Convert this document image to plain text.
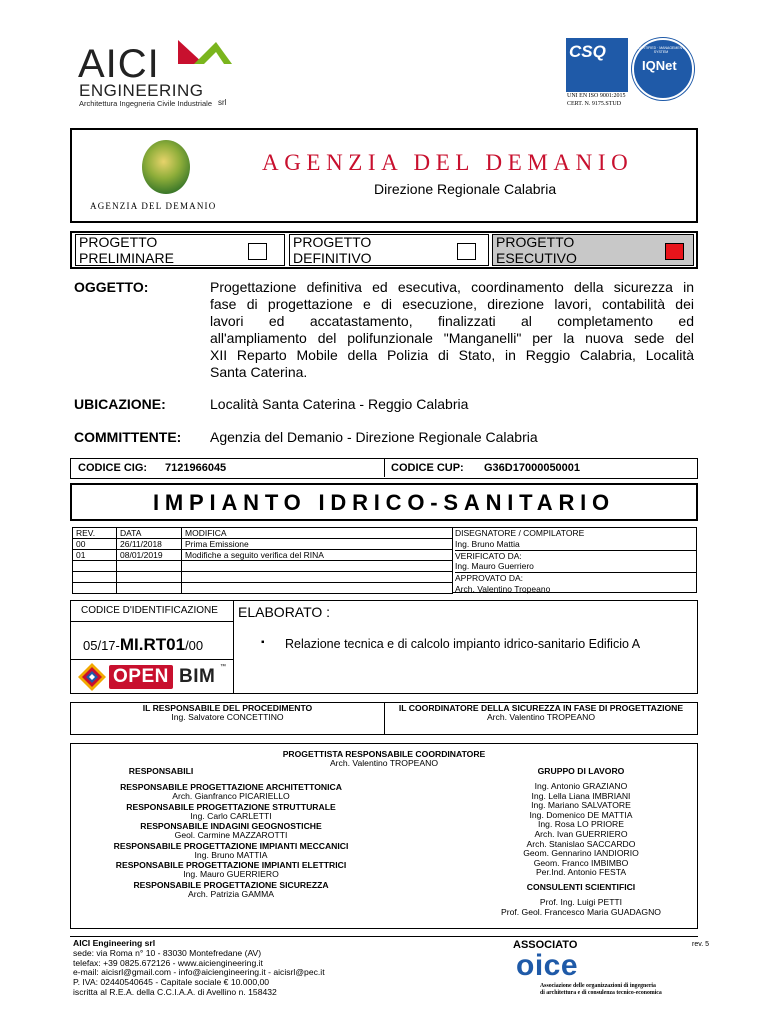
AICI
ENGINEERING
Architettura Ingegneria Civile Industriale srl
CSQ
IQNet
CERTIFIED · MANAGEMENT SYSTEM
UNI EN ISO 9001:2015
CERT. N. 9175.STUD
AGENZIA DEL DEMANIO
AGENZIA DEL DEMANIO
Direzione Regionale Calabria
PROGETTO
PRELIMINARE
PROGETTO
DEFINITIVO
PROGETTO
ESECUTIVO
OGGETTO:	Progettazione definitiva ed esecutiva, coordinamento della sicurezza in
fase di progettazione e di esecuzione, direzione lavori, contabilità dei
lavori ed accatastamento, finalizzati al completamento ed
all'ampliamento del polifunzionale "Manganelli" per la nuova sede del
XII Reparto Mobile della Polizia di Stato, in Reggio Calabria, Località
Santa Caterina.
UBICAZIONE:	Località Santa Caterina - Reggio Calabria
COMMITTENTE: Agenzia del Demanio - Direzione Regionale Calabria
CODICE CIG: 7121966045	CODICE CUP: G36D17000050001
IMPIANTO IDRICO-SANITARIO
REV.	DATA	MODIFICA
00	26/11/2018	Prima Emissione
01	08/01/2019	Modifiche a seguito verifica del RINA

DISEGNATORE / COMPILATORE
Ing. Bruno Mattia
VERIFICATO DA:
Ing. Mauro Guerriero
APPROVATO DA:
Arch. Valentino Tropeano
CODICE D'IDENTIFICAZIONE ELABORATO :
05/17-MI.RT01/00	▪ Relazione tecnica e di calcolo impianto idrico-sanitario Edificio A
OPEN BIM ™
IL RESPONSABILE DEL PROCEDIMENTO
Ing. Salvatore CONCETTINO
IL COORDINATORE DELLA SICUREZZA IN FASE DI PROGETTAZIONE
Arch. Valentino TROPEANO
PROGETTISTA RESPONSABILE COORDINATORE
Arch. Valentino TROPEANO
RESPONSABILI
RESPONSABILE PROGETTAZIONE ARCHITETTONICA
Arch. Gianfranco PICARIELLO
RESPONSABILE PROGETTAZIONE STRUTTURALE
Ing. Carlo CARLETTI
RESPONSABILE INDAGINI GEOGNOSTICHE
Geol. Carmine MAZZAROTTI
RESPONSABILE PROGETTAZIONE IMPIANTI MECCANICI
Ing. Bruno MATTIA
RESPONSABILE PROGETTAZIONE IMPIANTI ELETTRICI
Ing. Mauro GUERRIERO
RESPONSABILE PROGETTAZIONE SICUREZZA
Arch. Patrizia GAMMA
GRUPPO DI LAVORO
Ing. Antonio GRAZIANO
Ing. Lella Liana IMBRIANI
Ing. Mariano SALVATORE
Ing. Domenico DE MATTIA
Ing. Rosa LO PRIORE
Arch. Ivan GUERRIERO
Arch. Stanislao SACCARDO
Geom. Gennarino IANDIORIO
Geom. Franco IMBIMBO
Per.Ind. Antonio FESTA
CONSULENTI SCIENTIFICI
Prof. Ing. Luigi PETTI
Prof. Geol. Francesco Maria GUADAGNO
AICI Engineering srl
sede: via Roma n° 10 - 83030 Montefredane (AV)
telefax: +39 0825.672126 - www.aiciengineering.it
e-mail: aicisrl@gmail.com - info@aiciengineering.it - aicisrl@pec.it
P. IVA: 02440540645 - Capitale sociale € 10.000,00
iscritta al R.E.A. della C.C.I.A.A. di Avellino n. 158432
ASSOCIATO
oice
Associazione delle organizzazioni di ingegneria
di architettura e di consulenza tecnico-economica
rev. 5
